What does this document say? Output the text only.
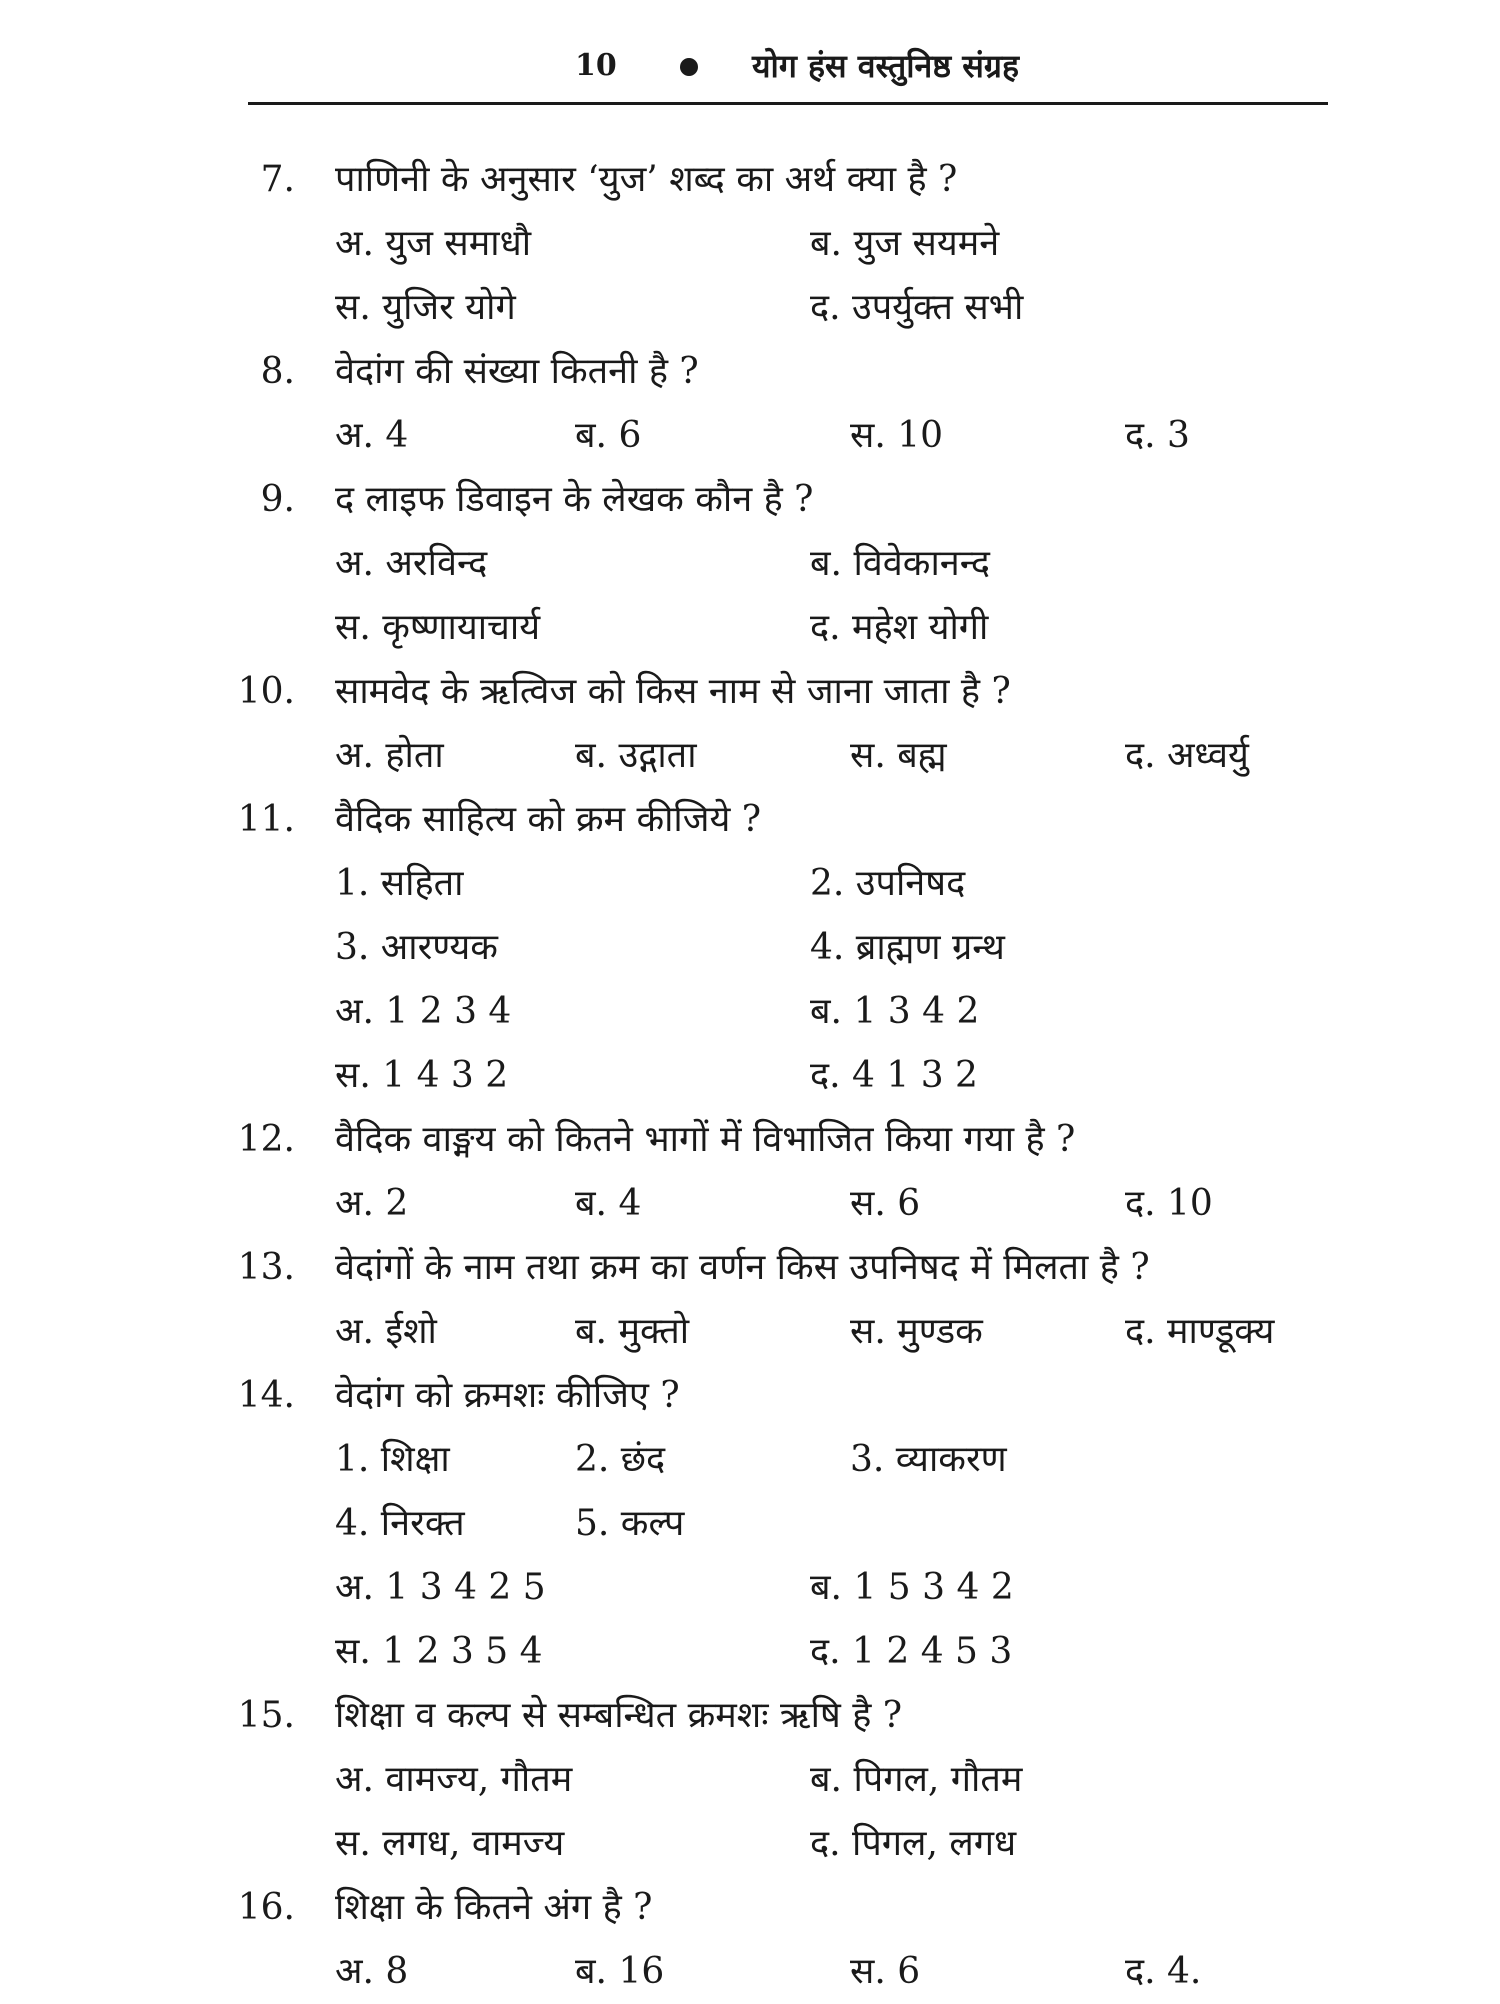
10	योग हंस वस्तुनिष्ठ संग्रह
7. पाणिनी के अनुसार ‘युज’ शब्द का अर्थ क्या है ?
अ. युज समाधौ	ब. युज सयमने
स. युजिर योगे	द. उपर्युक्त सभी
8. वेदांग की संख्या कितनी है ?
अ. 4	ब. 6	स. 10	द. 3
9. द लाइफ डिवाइन के लेखक कौन है ?
अ. अरविन्द	ब. विवेकानन्द
स. कृष्णायाचार्य	द. महेश योगी
10. सामवेद के ऋत्विज को किस नाम से जाना जाता है ?
अ. होता	ब. उद्गाता	स. बह्म	द. अध्वर्यु
11. वैदिक साहित्य को क्रम कीजिये ?
1. सहिता	2. उपनिषद
3. आरण्यक	4. ब्राह्मण ग्रन्थ
अ. 1 2 3 4	ब. 1 3 4 2
स. 1 4 3 2	द. 4 1 3 2
12. वैदिक वाङ्मय को कितने भागों में विभाजित किया गया है ?
अ. 2	ब. 4	स. 6	द. 10
13. वेदांगों के नाम तथा क्रम का वर्णन किस उपनिषद में मिलता है ?
अ. ईशो	ब. मुक्तो	स. मुण्डक	द. माण्डूक्य
14. वेदांग को क्रमशः कीजिए ?
1. शिक्षा	2. छंद	3. व्याकरण
4. निरक्त	5. कल्प
अ. 1 3 4 2 5	ब. 1 5 3 4 2
स. 1 2 3 5 4	द. 1 2 4 5 3
15. शिक्षा व कल्प से सम्बन्धित क्रमशः ऋषि है ?
अ. वामज्य, गौतम	ब. पिगल, गौतम
स. लगध, वामज्य	द. पिगल, लगध
16. शिक्षा के कितने अंग है ?
अ. 8	ब. 16	स. 6	द. 4.
